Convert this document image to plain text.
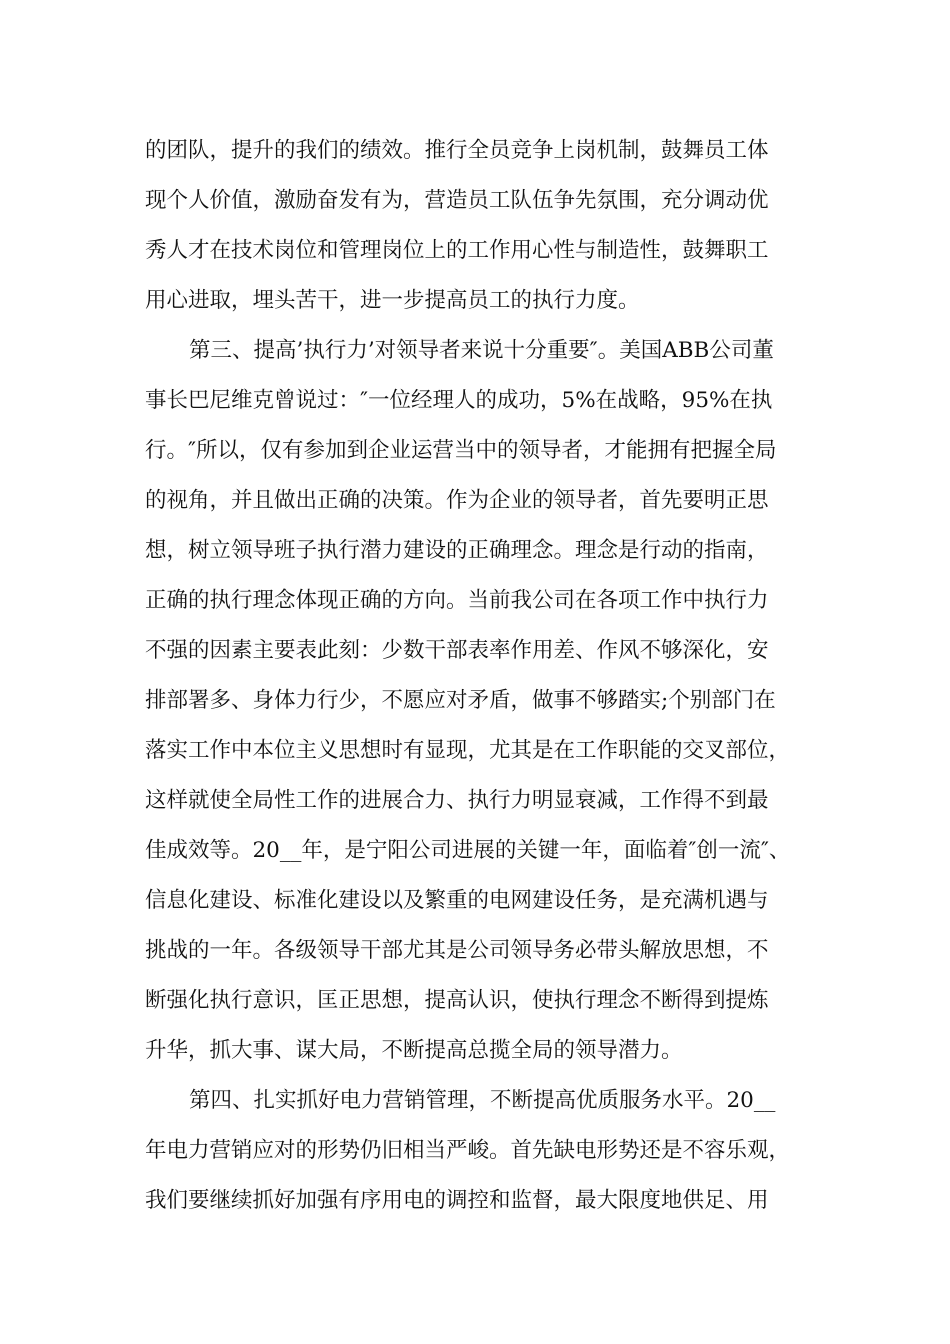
的团队，提升的我们的绩效。推行全员竞争上岗机制，鼓舞员工体
现个人价值，激励奋发有为，营造员工队伍争先氛围，充分调动优
秀人才在技术岗位和管理岗位上的工作用心性与制造性，鼓舞职工
用心进取，埋头苦干，进一步提高员工的执行力度。
第三、提高’执行力’对领导者来说十分重要″。美国ABB公司董
事长巴尼维克曾说过：″一位经理人的成功，5%在战略，95%在执
行。″所以，仅有参加到企业运营当中的领导者，才能拥有把握全局
的视角，并且做出正确的决策。作为企业的领导者，首先要明正思
想，树立领导班子执行潜力建设的正确理念。理念是行动的指南，
正确的执行理念体现正确的方向。当前我公司在各项工作中执行力
不强的因素主要表此刻：少数干部表率作用差、作风不够深化，安
排部署多、身体力行少，不愿应对矛盾，做事不够踏实;个别部门在
落实工作中本位主义思想时有显现，尤其是在工作职能的交叉部位，
这样就使全局性工作的进展合力、执行力明显衰减，工作得不到最
佳成效等。20__年，是宁阳公司进展的关键一年，面临着″创一流″、
信息化建设、标准化建设以及繁重的电网建设任务，是充满机遇与
挑战的一年。各级领导干部尤其是公司领导务必带头解放思想，不
断强化执行意识，匡正思想，提高认识，使执行理念不断得到提炼
升华，抓大事、谋大局，不断提高总揽全局的领导潜力。
第四、扎实抓好电力营销管理，不断提高优质服务水平。20__
年电力营销应对的形势仍旧相当严峻。首先缺电形势还是不容乐观，
我们要继续抓好加强有序用电的调控和监督，最大限度地供足、用
